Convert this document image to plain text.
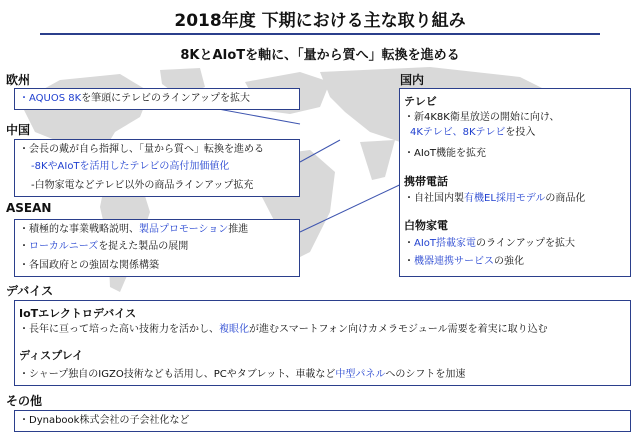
2018年度 下期における主な取り組み
8KとAIoTを軸に、「量から質へ」転換を進める
欧州
・AQUOS 8Kを筆頭にテレビのラインアップを拡大
中国
・会長の戴が自ら指揮し、「量から質へ」転換を進める
-8KやAIoTを活用したテレビの高付加価値化
-白物家電などテレビ以外の商品ラインアップ拡充
ASEAN
・積極的な事業戦略説明、製品プロモーション推進
・ローカルニーズを捉えた製品の展開
・各国政府との強固な関係構築
国内
テレビ
・新4K8K衛星放送の開始に向け、
4Kテレビ、8Kテレビを投入
・AIoT機能を拡充
携帯電話
・自社国内製有機EL採用モデルの商品化
白物家電
・AIoT搭載家電のラインアップを拡大
・機器連携サービスの強化
デバイス
IoTエレクトロデバイス
・長年に亘って培った高い技術力を活かし、複眼化が進むスマートフォン向けカメラモジュール需要を着実に取り込む
ディスプレイ
・シャープ独自のIGZO技術なども活用し、PCやタブレット、車載など中型パネルへのシフトを加速
その他
・Dynabook株式会社の子会社化など
